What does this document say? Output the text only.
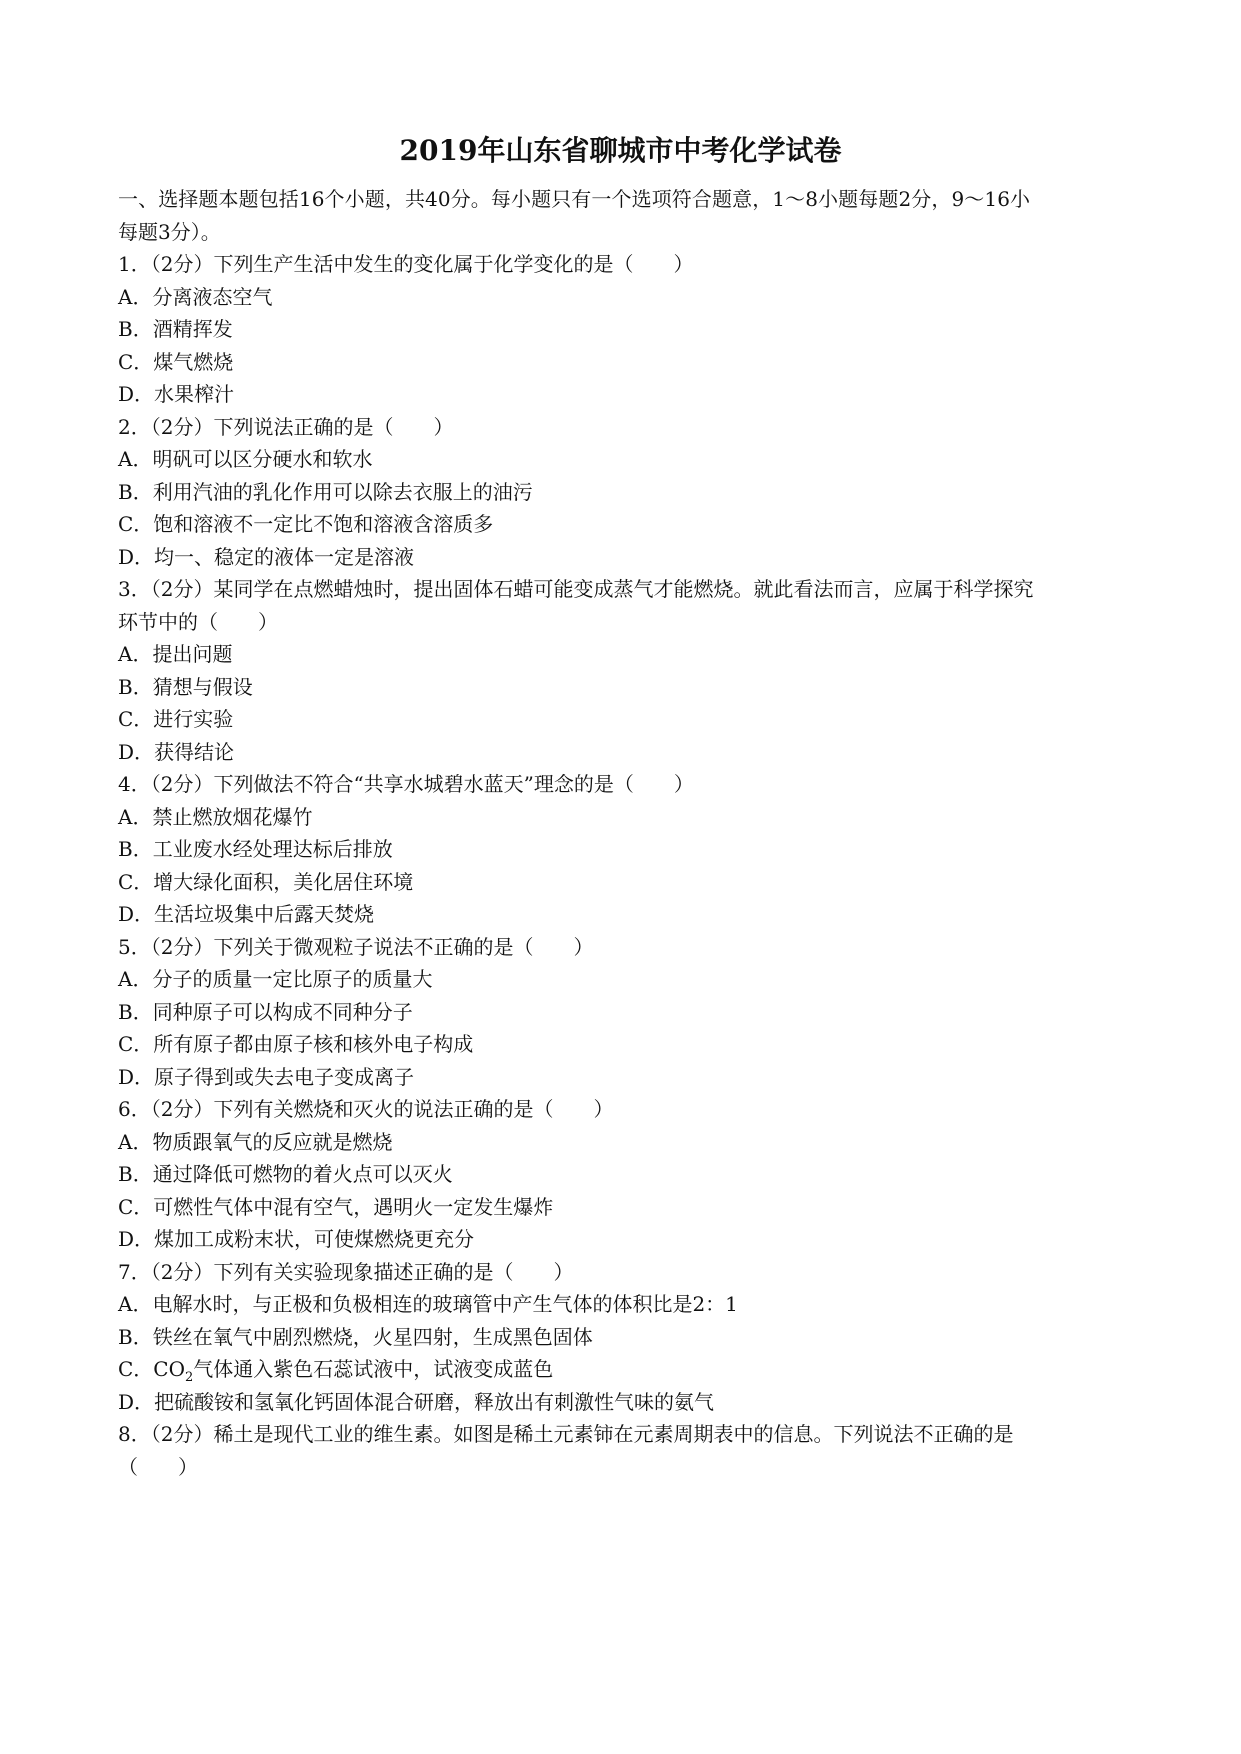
2019年山东省聊城市中考化学试卷
一、选择题本题包括16个小题，共40分。每小题只有一个选项符合题意，1～8小题每题2分，9～16小
每题3分）。
1．（2分）下列生产生活中发生的变化属于化学变化的是（　　）
A．分离液态空气
B．酒精挥发
C．煤气燃烧
D．水果榨汁
2．（2分）下列说法正确的是（　　）
A．明矾可以区分硬水和软水
B．利用汽油的乳化作用可以除去衣服上的油污
C．饱和溶液不一定比不饱和溶液含溶质多
D．均一、稳定的液体一定是溶液
3．（2分）某同学在点燃蜡烛时，提出固体石蜡可能变成蒸气才能燃烧。就此看法而言，应属于科学探究
环节中的（　　）
A．提出问题
B．猜想与假设
C．进行实验
D．获得结论
4．（2分）下列做法不符合“共享水城碧水蓝天”理念的是（　　）
A．禁止燃放烟花爆竹
B．工业废水经处理达标后排放
C．增大绿化面积，美化居住环境
D．生活垃圾集中后露天焚烧
5．（2分）下列关于微观粒子说法不正确的是（　　）
A．分子的质量一定比原子的质量大
B．同种原子可以构成不同种分子
C．所有原子都由原子核和核外电子构成
D．原子得到或失去电子变成离子
6．（2分）下列有关燃烧和灭火的说法正确的是（　　）
A．物质跟氧气的反应就是燃烧
B．通过降低可燃物的着火点可以灭火
C．可燃性气体中混有空气，遇明火一定发生爆炸
D．煤加工成粉末状，可使煤燃烧更充分
7．（2分）下列有关实验现象描述正确的是（　　）
A．电解水时，与正极和负极相连的玻璃管中产生气体的体积比是2：1
B．铁丝在氧气中剧烈燃烧，火星四射，生成黑色固体
C．$CO_2$气体通入紫色石蕊试液中，试液变成蓝色
D．把硫酸铵和氢氧化钙固体混合研磨，释放出有刺激性气味的氨气
8．（2分）稀土是现代工业的维生素。如图是稀土元素铈在元素周期表中的信息。下列说法不正确的是
（　　）
